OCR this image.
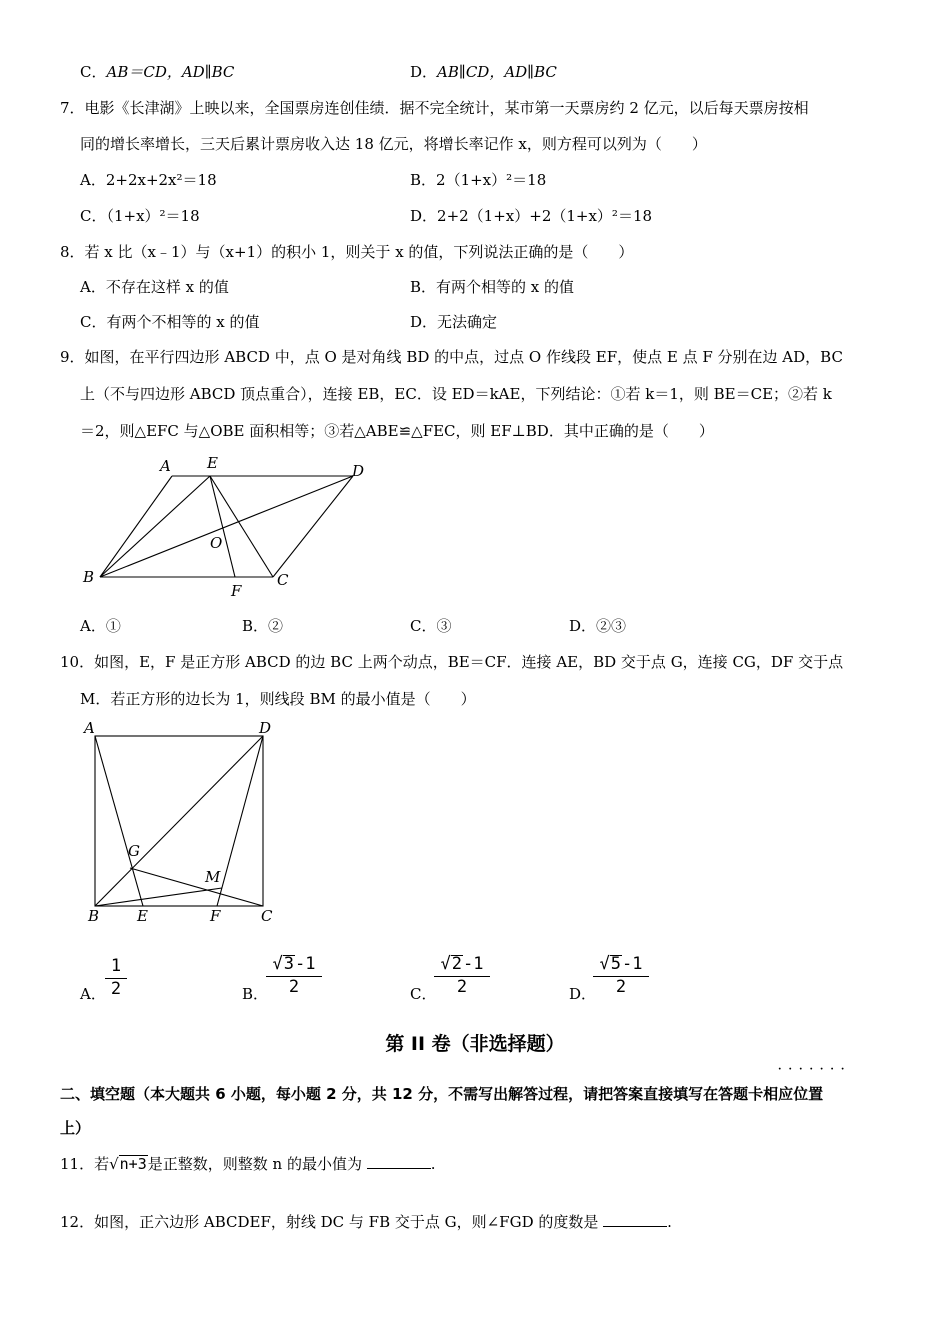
C．AB＝CD，AD∥BC	D．AB∥CD，AD∥BC
7．电影《长津湖》上映以来，全国票房连创佳绩．据不完全统计，某市第一天票房约 2 亿元，以后每天票房按相
同的增长率增长，三天后累计票房收入达 18 亿元，将增长率记作 x，则方程可以列为（　　）
A．2+2x+2x²＝18	B．2（1+x）²＝18
C．（1+x）²＝18	D．2+2（1+x）+2（1+x）²＝18
8．若 x 比（x﹣1）与（x+1）的积小 1，则关于 x 的值，下列说法正确的是（　　）
A．不存在这样 x 的值	B．有两个相等的 x 的值
C．有两个不相等的 x 的值	D．无法确定
9．如图，在平行四边形 ABCD 中，点 O 是对角线 BD 的中点，过点 O 作线段 EF，使点 E 点 F 分别在边 AD，BC
上（不与四边形 ABCD 顶点重合），连接 EB，EC．设 ED＝kAE，下列结论：①若 k＝1，则 BE＝CE；②若 k
＝2，则△EFC 与△OBE 面积相等；③若△ABE≌△FEC，则 EF⊥BD．其中正确的是（　　）
A E	D
O
B
F
C
A．①	B．②	C．③	D．②③
10．如图，E，F 是正方形 ABCD 的边 BC 上两个动点，BE＝CF．连接 AE，BD 交于点 G，连接 CG，DF 交于点
M．若正方形的边长为 1，则线段 BM 的最小值是（　　）
A	D
G
M
B	E	F	C
A．
1
2	B．
√3-1
2	C．
√2-1
2	D．
√5-1
2
第 II 卷（非选择题）
·······
二、填空题（本大题共 6 小题，每小题 2 分，共 12 分，不需写出解答过程，请把答案直接填写在答题卡相应位置
上）
11．若√n+3是正整数，则整数 n 的最小值为	.
12．如图，正六边形 ABCDEF，射线 DC 与 FB 交于点 G，则∠FGD 的度数是	.
